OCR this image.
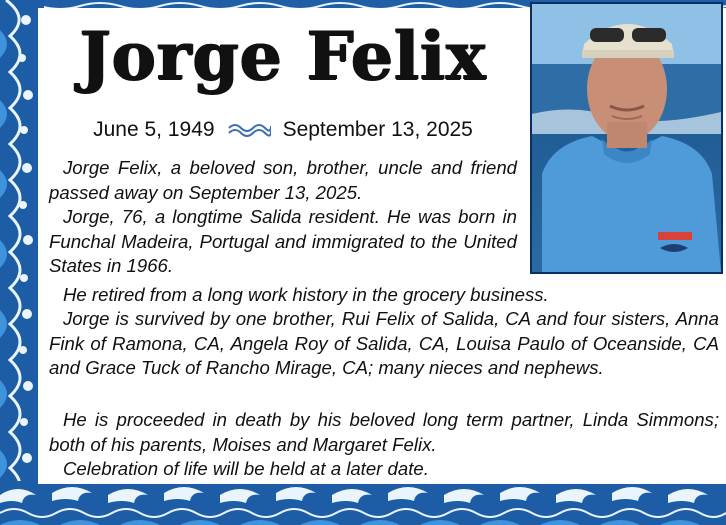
Jorge Felix
June 5, 1949	September 13, 2025

Jorge Felix, a beloved son, brother, uncle and friend passed away on September 13, 2025.

Jorge, 76, a longtime Salida resident. He was born in Funchal Madeira, Portugal and immigrated to the United States in 1966.

He retired from a long work history in the grocery business.

Jorge is survived by one brother, Rui Felix of Salida, CA and four sisters, Anna Fink of Ramona, CA, Angela Roy of Salida, CA, Louisa Paulo of Oceanside, CA and Grace Tuck of Rancho Mirage, CA; many nieces and nephews.

He is proceeded in death by his beloved long term partner, Linda Simmons; both of his parents, Moises and Margaret Felix.

Celebration of life will be held at a later date.
